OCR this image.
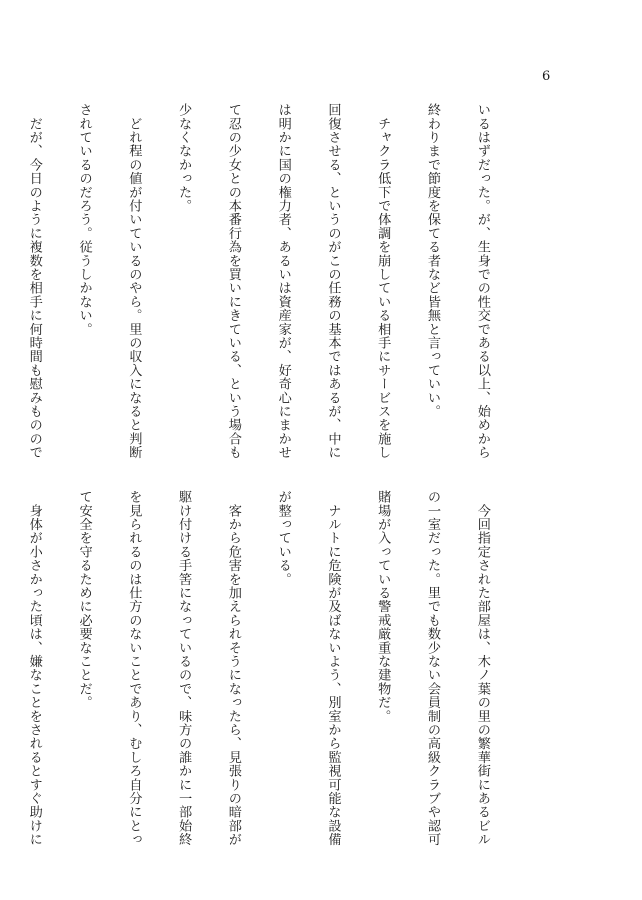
6

いるはずだった。が、生身での性交である以上、始めから

終わりまで節度を保てる者など皆無と言っていい。

　チャクラ低下で体調を崩している相手にサービスを施し

回復させる、というのがこの任務の基本ではあるが、中に

は明かに国の権力者、あるいは資産家が、好奇心にまかせ

て忍の少女との本番行為を買いにきている、という場合も

少なくなかった。

　どれ程の値が付いているのやら。里の収入になると判断

されているのだろう。従うしかない。

　だが、今日のように複数を相手に何時間も慰みものので

　今回指定された部屋は、木ノ葉の里の繁華街にあるビル

の一室だった。里でも数少ない会員制の高級クラブや認可

賭場が入っている警戒厳重な建物だ。

　ナルトに危険が及ばないよう、別室から監視可能な設備

が整っている。

　客から危害を加えられそうになったら、見張りの暗部が

駆け付ける手筈になっているので、味方の誰かに一部始終

を見られるのは仕方のないことであり、むしろ自分にとっ

て安全を守るために必要なことだ。

　身体が小さかった頃は、嫌なことをされるとすぐ助けに
